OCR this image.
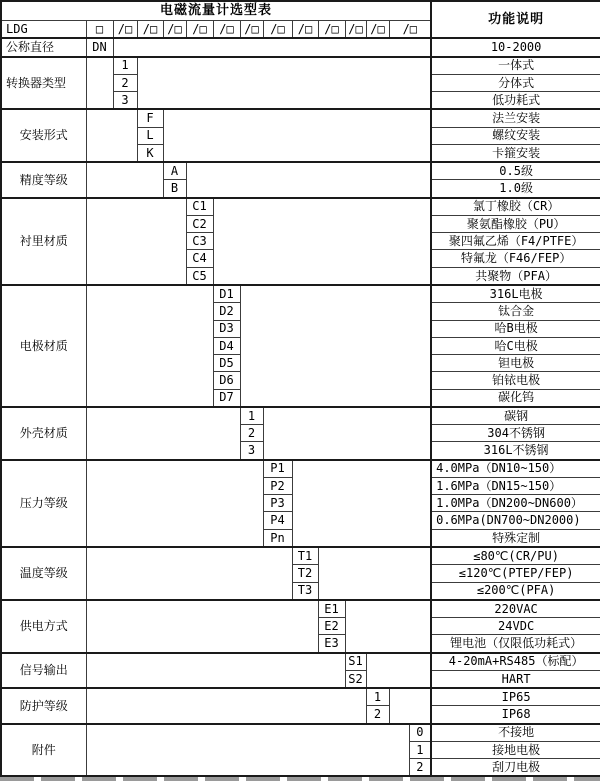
电磁流量计选型表															功能说明
LDG	□	/□	/□	/□	/□	/□	/□	/□	/□	/□	/□	/□	/□		
公称直径	DN														10-2000
转换器类型		1													一体式
		2													分体式
		3													低功耗式
安装形式			F												法兰安装
			L												螺纹安装
			K												卡箍安装
精度等级				A											0.5级
				B											1.0级
衬里材质					C1										氯丁橡胶（CR）
					C2										聚氨酯橡胶（PU）
					C3										聚四氟乙烯（F4/PTFE）
					C4										特氟龙（F46/FEP）
					C5										共聚物（PFA）
电极材质						D1									316L电极
						D2									钛合金
						D3									哈B电极
						D4									哈C电极
						D5									钽电极
						D6									铂铱电极
						D7									碳化钨
外壳材质							1								碳钢
							2								304不锈钢
							3								316L不锈钢
压力等级								P1							4.0MPa（DN10~150）
								P2							1.6MPa（DN15~150）
								P3							1.0MPa（DN200~DN600）
								P4							0.6MPa(DN700~DN2000)
								Pn							特殊定制
温度等级									T1						≤80℃(CR/PU)
									T2						≤120℃(PTEP/FEP)
									T3						≤200℃(PFA)
供电方式										E1					220VAC
										E2					24VDC
										E3					锂电池（仅限低功耗式）
信号输出											S1				4-20mA+RS485（标配）
											S2				HART
防护等级												1			IP65
												2			IP68
附件														0	不接地
														1	接地电极
														2	刮刀电极
